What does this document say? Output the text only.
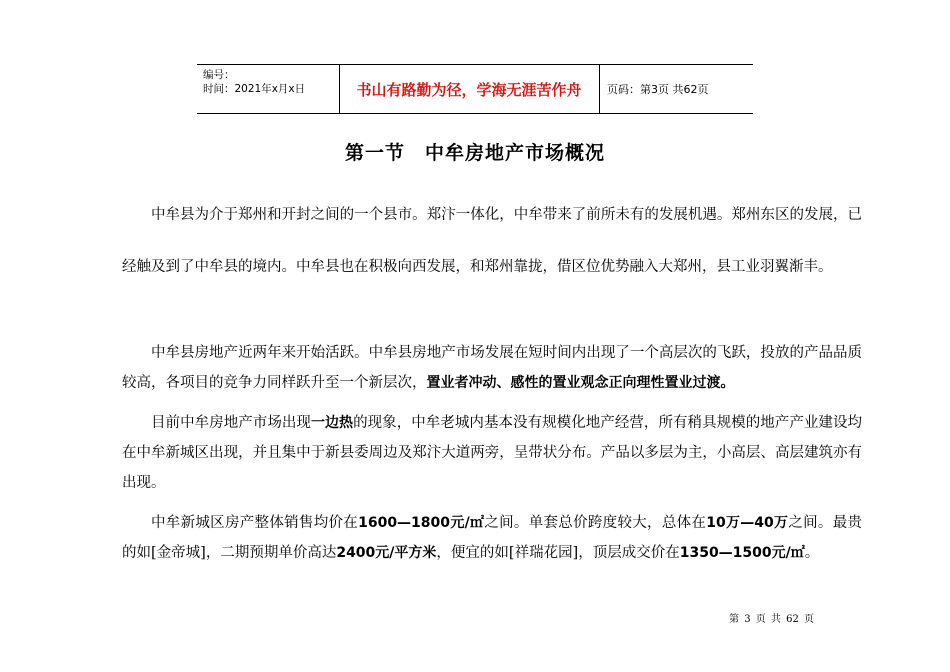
编号：
时间：2021年x月x日	书山有路勤为径，学海无涯苦作舟	页码：第3页 共62页
第一节　中牟房地产市场概况

中牟县为介于郑州和开封之间的一个县市。郑汴一体化，中牟带来了前所未有的发展机遇。郑州东区的发展，已经触及到了中牟县的境内。中牟县也在积极向西发展，和郑州靠拢，借区位优势融入大郑州，县工业羽翼渐丰。

中牟县房地产近两年来开始活跃。中牟县房地产市场发展在短时间内出现了一个高层次的飞跃，投放的产品品质较高，各项目的竞争力同样跃升至一个新层次，置业者冲动、感性的置业观念正向理性置业过渡。

目前中牟房地产市场出现一边热的现象，中牟老城内基本没有规模化地产经营，所有稍具规模的地产产业建设均在中牟新城区出现，并且集中于新县委周边及郑汴大道两旁，呈带状分布。产品以多层为主，小高层、高层建筑亦有出现。

中牟新城区房产整体销售均价在1600—1800元/㎡之间。单套总价跨度较大，总体在10万—40万之间。最贵的如[金帝城]，二期预期单价高达2400元/平方米，便宜的如[祥瑞花园]，顶层成交价在1350—1500元/㎡。

第 3 页 共 62 页
